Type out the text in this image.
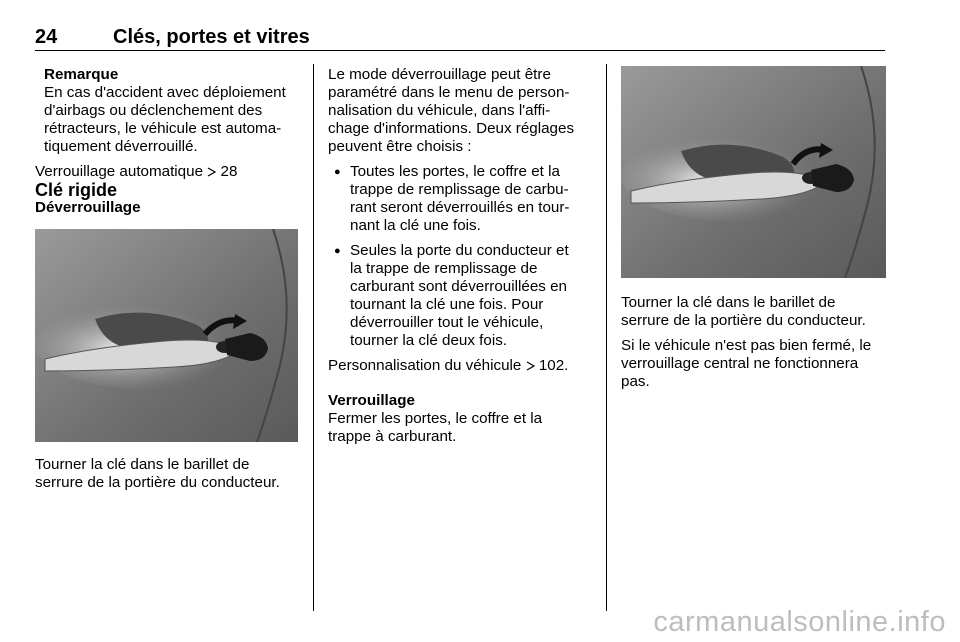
24	Clés, portes et vitres

Remarque

En cas d'accident avec déploiement

d'airbags ou déclenchement des

rétracteurs, le véhicule est automa-

tiquement déverrouillé.

Verrouillage automatique 28

Clé rigide

Déverrouillage

Tourner la clé dans le barillet de

serrure de la portière du conducteur.

Le mode déverrouillage peut être

paramétré dans le menu de person-

nalisation du véhicule, dans l'affi-

chage d'informations. Deux réglages

peuvent être choisis :

● Toutes les portes, le coffre et la
trappe de remplissage de carbu-
rant seront déverrouillés en tour-
nant la clé une fois.
● Seules la porte du conducteur et
la trappe de remplissage de
carburant sont déverrouillées en
tournant la clé une fois. Pour
déverrouiller tout le véhicule,
tourner la clé deux fois.

Personnalisation du véhicule 102.

Verrouillage

Fermer les portes, le coffre et la

trappe à carburant.

Tourner la clé dans le barillet de

serrure de la portière du conducteur.

Si le véhicule n'est pas bien fermé, le

verrouillage central ne fonctionnera

pas.

carmanualsonline.info
